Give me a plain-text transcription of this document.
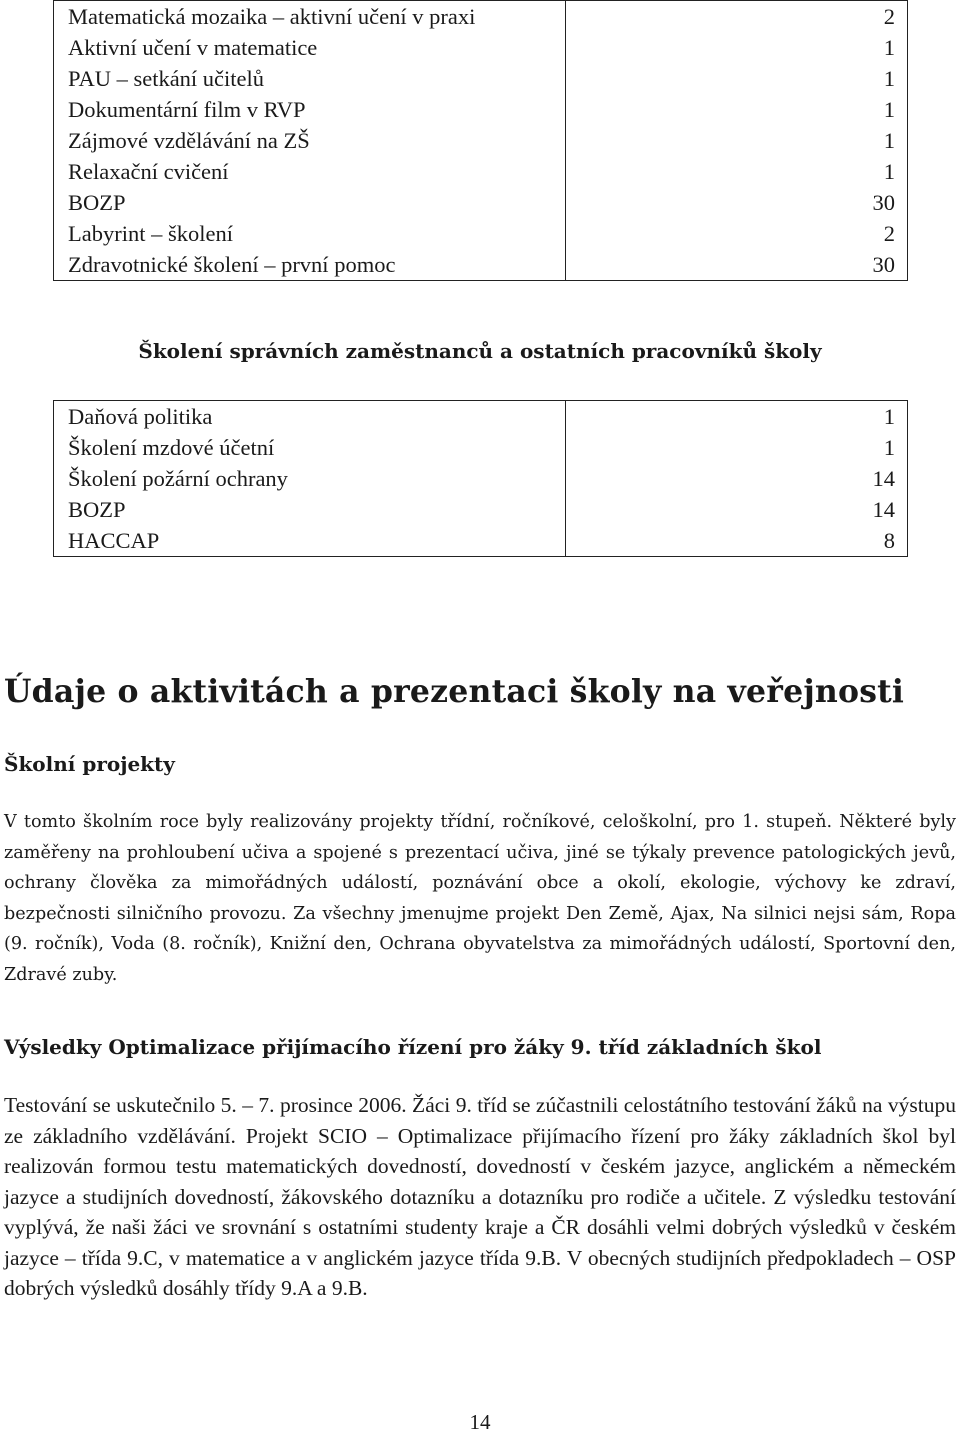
Matematická mozaika – aktivní učení v praxi	2
Aktivní učení v matematice	1
PAU – setkání učitelů	1
Dokumentární film v RVP	1
Zájmové vzdělávání na ZŠ	1
Relaxační cvičení	1
BOZP	30
Labyrint – školení	2
Zdravotnické školení – první pomoc	30
Školení správních zaměstnanců a ostatních pracovníků školy
Daňová politika	1
Školení mzdové účetní	1
Školení požární ochrany	14
BOZP	14
HACCAP	8
Údaje o aktivitách a prezentaci školy na veřejnosti
Školní projekty
V tomto školním roce byly realizovány projekty třídní, ročníkové, celoškolní, pro 1. stupeň. Některé byly zaměřeny na prohloubení učiva a spojené s prezentací učiva, jiné se týkaly prevence patologických jevů, ochrany člověka za mimořádných událostí, poznávání obce a okolí, ekologie, výchovy ke zdraví, bezpečnosti silničního provozu. Za všechny jmenujme projekt Den Země, Ajax, Na silnici nejsi sám, Ropa (9. ročník), Voda (8. ročník), Knižní den, Ochrana obyvatelstva za mimořádných událostí, Sportovní den, Zdravé zuby.
Výsledky Optimalizace přijímacího řízení pro žáky 9. tříd základních škol
Testování se uskutečnilo 5. – 7. prosince 2006. Žáci 9. tříd se zúčastnili celostátního testování žáků na výstupu ze základního vzdělávání. Projekt SCIO – Optimalizace přijímacího řízení pro žáky základních škol byl realizován formou testu matematických dovedností, dovedností v českém jazyce, anglickém a německém jazyce a studijních dovedností, žákovského dotazníku a dotazníku pro rodiče a učitele. Z výsledku testování vyplývá, že naši žáci ve srovnání s ostatními studenty kraje a ČR dosáhli velmi dobrých výsledků v českém jazyce – třída 9.C, v matematice a v anglickém jazyce třída 9.B. V obecných studijních předpokladech – OSP dobrých výsledků dosáhly třídy 9.A a 9.B.
14
